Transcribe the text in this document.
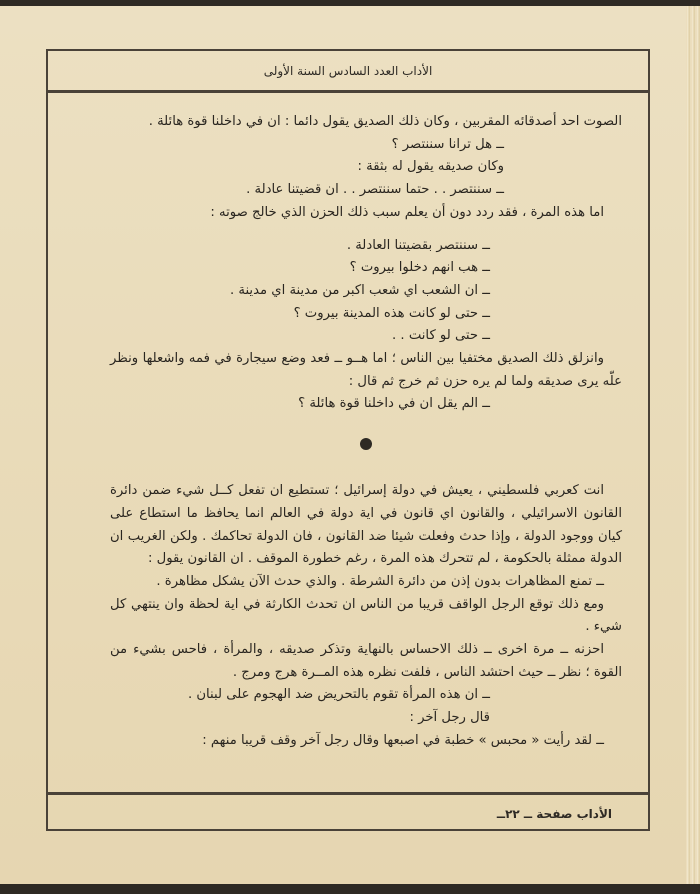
الأداب العدد السادس السنة الأولى

الصوت احد أصدقائه المقربين ، وكان ذلك الصديق يقول دائما : ان في داخلنا قوة هائلة .

ــ هل ترانا سننتصر ؟

وكان صديقه يقول له بثقة :

ــ سننتصر . . حتما سننتصر . . ان قضيتنا عادلة .

اما هذه المرة ، فقد ردد دون أن يعلم سبب ذلك الحزن الذي خالج صوته :

ــ سننتصر بقضيتنا العادلة .

ــ هب انهم دخلوا بيروت ؟

ــ ان الشعب اي شعب اكبر من مدينة اي مدينة .

ــ حتى لو كانت هذه المدينة بيروت ؟

ــ حتى لو كانت . .

وانزلق ذلك الصديق مختفيا بين الناس ؛ اما هــو ــ فعد وضع سيجارة في فمه واشعلها ونظر علّه يرى صديقه ولما لم يره حزن ثم خرج ثم قال :

ــ الم يقل ان في داخلنا قوة هائلة ؟

انت كعربي فلسطيني ، يعيش في دولة إسرائيل ؛ تستطيع ان تفعل كــل شيء ضمن دائرة القانون الاسرائيلي ، والقانون اي قانون في اية دولة في العالم انما يحافظ ما استطاع على كيان ووجود الدولة ، وإذا حدث وفعلت شيئا ضد القانون ، فان الدولة تحاكمك . ولكن الغريب ان الدولة ممثلة بالحكومة ، لم تتحرك هذه المرة ، رغم خطورة الموقف . ان القانون يقول :

ــ تمنع المظاهرات بدون إذن من دائرة الشرطة . والذي حدث الآن يشكل مظاهرة .

ومع ذلك توقع الرجل الواقف قريبا من الناس ان تحدث الكارثة في اية لحظة وان ينتهي كل شيء .

احزنه ــ مرة اخرى ــ ذلك الاحساس بالنهاية وتذكر صديقه ، والمرأة ، فاحس بشيء من القوة ؛ نظر ــ حيث احتشد الناس ، فلفت نظره هذه المــرة هرج ومرج .

ــ ان هذه المرأة تقوم بالتحريض ضد الهجوم على لبنان .

قال رجل آخر :

ــ لقد رأيت « محبس » خطبة في اصبعها وقال رجل آخر وقف قريبا منهم :

الأداب صفحة ــ ٢٢ــ
